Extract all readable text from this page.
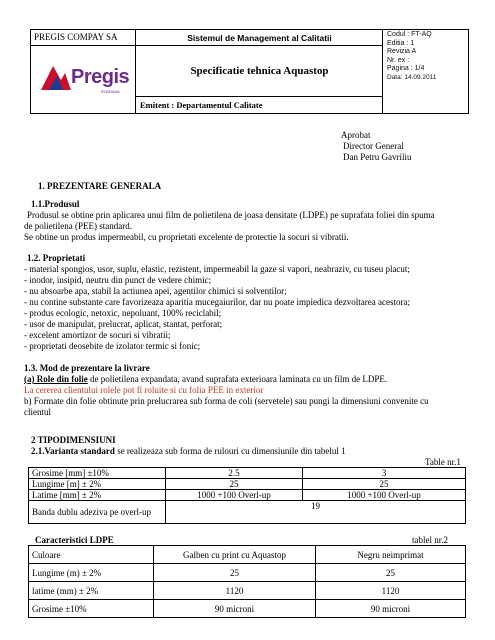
PREGIS COMPAY SA	Sistemul de Management al Calitatii
Pregis
ROMANIA
Specificatie tehnica Aquastop
Emitent : Departamentul Calitate
Codul : FT-AQ
Editia : 1
Revizia A
Nr. ex :
Pagina : 1/4
Data: 14.09.2011
Aprobat
Director General
Dan Petru Gavriliu
1. PREZENTARE GENERALA
1.1.Produsul
Produsul se obtine prin aplicarea unui film de polietilena de joasa densitate (LDPE) pe suprafata foliei din spuma
de polietilena (PEE) standard.
Se obtine un produs impermeabil, cu proprietati excelente de protectie la socuri si vibratii.
1.2. Proprietati
- material spongios, usor, suplu, elastic, rezistent, impermeabil la gaze si vapori, neabraziv, cu tuseu placut;
- inodor, insipid, neutru din punct de vedere chimic;
- nu absoarbe apa, stabil la actiunea apei, agentilor chimici si solventilor;
- nu contine substante care favorizeaza aparitia mucegaiurilor, dar nu poate impiedica dezvoltarea acestora;
- produs ecologic, netoxic, nepoluant, 100% reciclabil;
- usor de manipulat, prelucrat, aplicat, stantat, perforat;
- excelent amortizor de socuri si vibratii;
- proprietati deosebite de izolator termic si fonic;
1.3. Mod de prezentare la livrare
(a) Role din folie de polietilena expandata, avand suprafata exterioara laminata cu un film de LDPE.
La cererea clientului rolele pot fi roluite si cu folia PEE in exterior
b) Formate din folie obtinute prin prelucrarea sub forma de coli (servetele) sau pungi la dimensiuni convenite cu
clientul
2 TIPODIMENSIUNI
2.1.Varianta standard se realizeaza sub forma de rulouri cu dimensiunile din tabelul 1
Table nr.1
Grosime [mm] ±10%	2.5	3
Lungime [m] ± 2%	25	25
Latime [mm] ± 2%	1000 +100 Overl-up	1000 +100 Overl-up
Banda dublu adeziva pe overl-up	19	
Caracteristici LDPE	tablel nr.2
Culoare	Galben cu print cu Aquastop	Negru neimprimat
Lungime (m) ± 2%	25	25
latime (mm) ± 2%	1120	1120
Grosime ±10%	90 microni	90 microni
